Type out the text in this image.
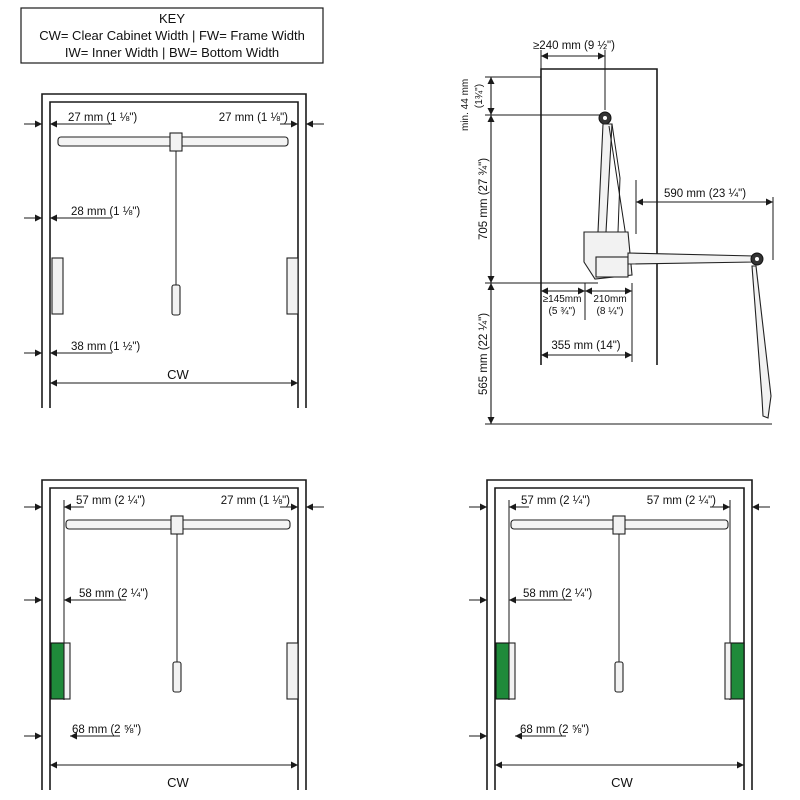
KEY
CW= Clear Cabinet Width | FW= Frame Width
IW= Inner Width | BW= Bottom Width
27 mm (1 ⅛")	27 mm (1 ⅛")
28 mm (1 ⅛")
38 mm (1 ½")
CW
≥240 mm (9 ½")
min. 44 mm (1¾")
705 mm (27 ¾")
565 mm (22 ¼")
590 mm (23 ¼")
≥145mm
(5 ¾")
210mm
(8 ¼")
355 mm (14")
57 mm (2 ¼")	27 mm (1 ⅛")
58 mm (2 ¼")
68 mm (2 ⅝")
CW
57 mm (2 ¼")	57 mm (2 ¼")
58 mm (2 ¼")
68 mm (2 ⅝")
CW
